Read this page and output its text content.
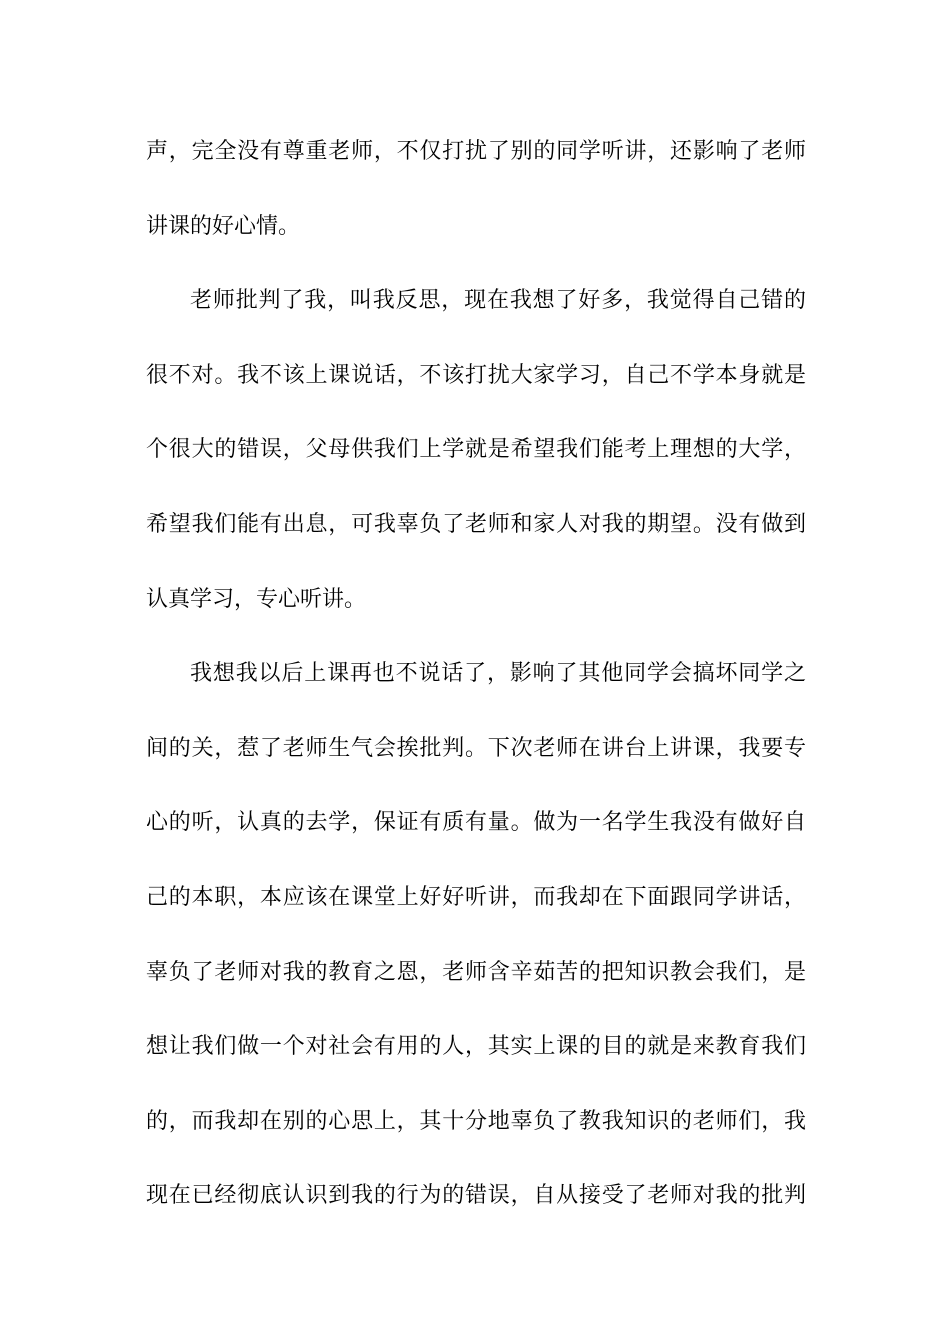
声，完全没有尊重老师，不仅打扰了别的同学听讲，还影响了老师
讲课的好心情。
老师批判了我，叫我反思，现在我想了好多，我觉得自己错的
很不对。我不该上课说话，不该打扰大家学习，自己不学本身就是
个很大的错误，父母供我们上学就是希望我们能考上理想的大学，
希望我们能有出息，可我辜负了老师和家人对我的期望。没有做到
认真学习，专心听讲。
我想我以后上课再也不说话了，影响了其他同学会搞坏同学之
间的关，惹了老师生气会挨批判。下次老师在讲台上讲课，我要专
心的听，认真的去学，保证有质有量。做为一名学生我没有做好自
己的本职，本应该在课堂上好好听讲，而我却在下面跟同学讲话，
辜负了老师对我的教育之恩，老师含辛茹苦的把知识教会我们，是
想让我们做一个对社会有用的人，其实上课的目的就是来教育我们
的，而我却在别的心思上，其十分地辜负了教我知识的老师们，我
现在已经彻底认识到我的行为的错误，自从接受了老师对我的批判
